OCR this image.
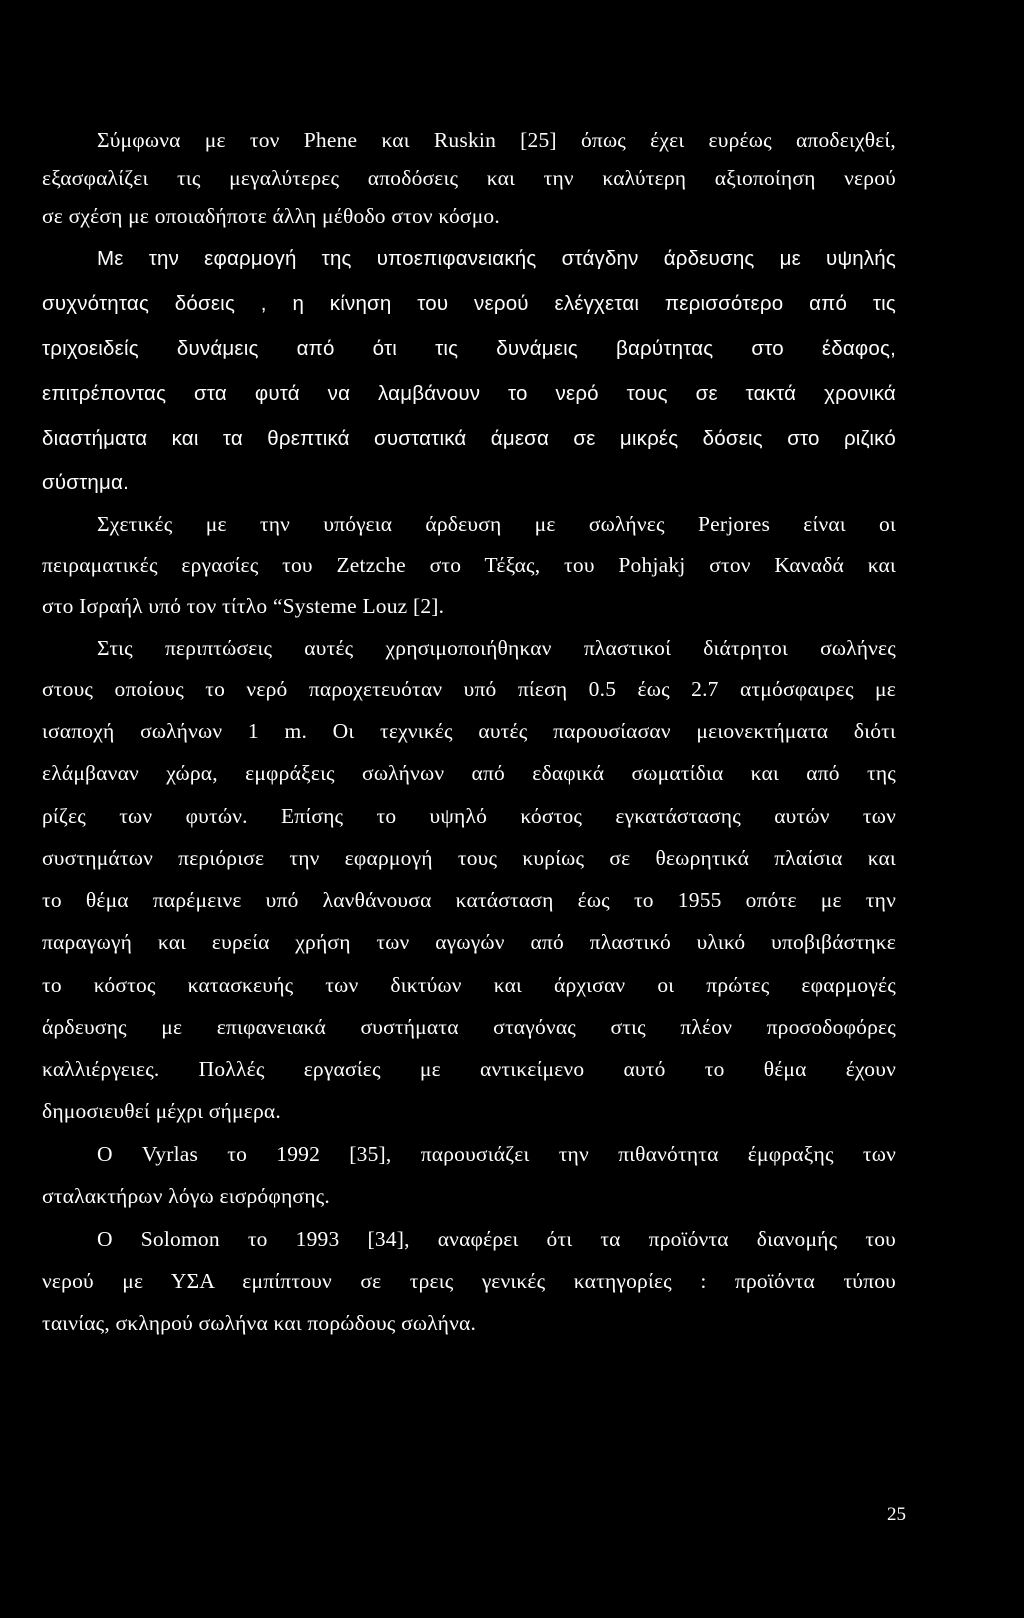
Σύμφωνα με τον Phene και Ruskin [25] όπως έχει ευρέως αποδειχθεί,
εξασφαλίζει τις μεγαλύτερες αποδόσεις και την καλύτερη αξιοποίηση νερού
σε σχέση με οποιαδήποτε άλλη μέθοδο στον κόσμο.
Με την εφαρμογή της υποεπιφανειακής στάγδην άρδευσης με υψηλής
συχνότητας δόσεις , η κίνηση του νερού ελέγχεται περισσότερο από τις
τριχοειδείς δυνάμεις από ότι τις δυνάμεις βαρύτητας στο έδαφος,
επιτρέποντας στα φυτά να λαμβάνουν το νερό τους σε τακτά χρονικά
διαστήματα και τα θρεπτικά συστατικά άμεσα σε μικρές δόσεις στο ριζικό
σύστημα.
Σχετικές με την υπόγεια άρδευση με σωλήνες Perjores είναι οι
πειραματικές εργασίες του Zetzche στο Τέξας, του Pohjakj στον Καναδά και
στο Ισραήλ υπό τον τίτλο “Systeme Louz [2].
Στις περιπτώσεις αυτές χρησιμοποιήθηκαν πλαστικοί διάτρητοι σωλήνες
στους οποίους το νερό παροχετευόταν υπό πίεση 0.5 έως 2.7 ατμόσφαιρες με
ισαποχή σωλήνων 1 m. Οι τεχνικές αυτές παρουσίασαν μειονεκτήματα διότι
ελάμβαναν χώρα, εμφράξεις σωλήνων από εδαφικά σωματίδια και από της
ρίζες των φυτών. Επίσης το υψηλό κόστος εγκατάστασης αυτών των
συστημάτων περιόρισε την εφαρμογή τους κυρίως σε θεωρητικά πλαίσια και
το θέμα παρέμεινε υπό λανθάνουσα κατάσταση έως το 1955 οπότε με την
παραγωγή και ευρεία χρήση των αγωγών από πλαστικό υλικό υποβιβάστηκε
το κόστος κατασκευής των δικτύων και άρχισαν οι πρώτες εφαρμογές
άρδευσης με επιφανειακά συστήματα σταγόνας στις πλέον προσοδοφόρες
καλλιέργειες. Πολλές εργασίες με αντικείμενο αυτό το θέμα έχουν
δημοσιευθεί μέχρι σήμερα.
Ο Vyrlas το 1992 [35], παρουσιάζει την πιθανότητα έμφραξης των
σταλακτήρων λόγω εισρόφησης.
Ο Solomon το 1993 [34], αναφέρει ότι τα προϊόντα διανομής του
νερού με ΥΣΑ εμπίπτουν σε τρεις γενικές κατηγορίες : προϊόντα τύπου
ταινίας, σκληρού σωλήνα και πορώδους σωλήνα.
25
